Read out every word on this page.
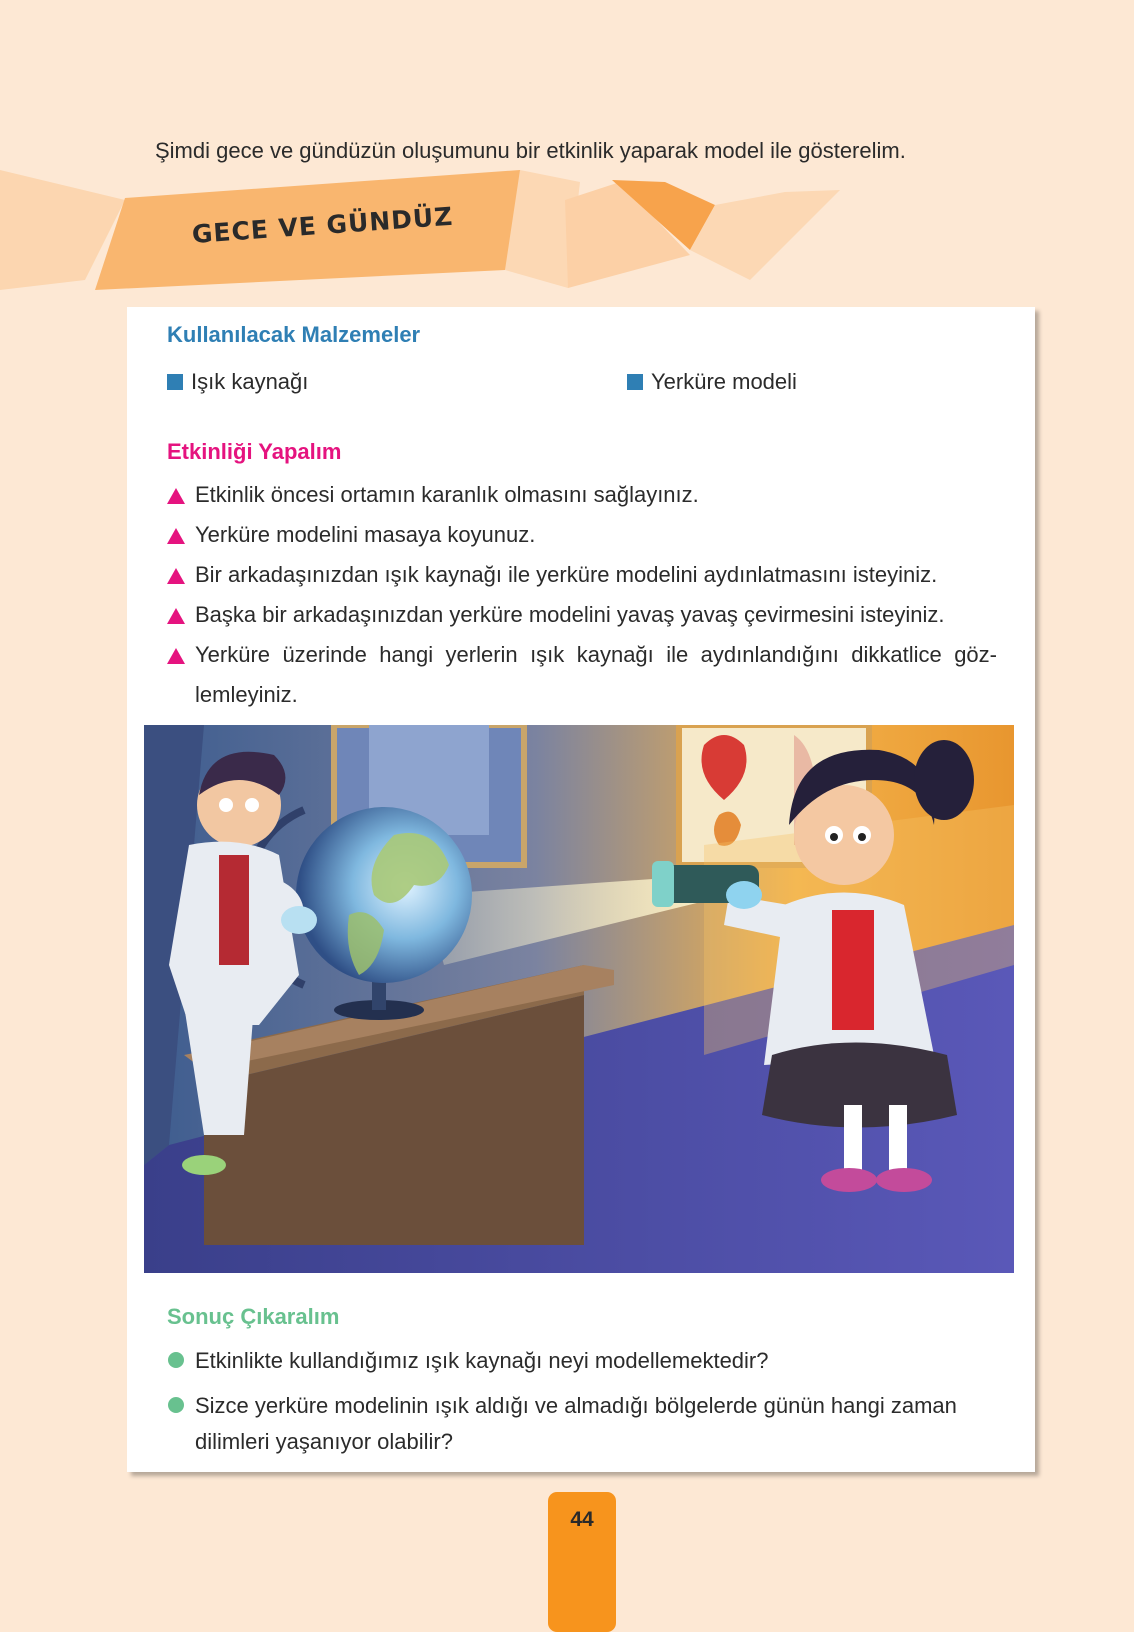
Şimdi gece ve gündüzün oluşumunu bir etkinlik yaparak model ile gösterelim.
GECE VE GÜNDÜZ
Kullanılacak Malzemeler
Işık kaynağı	Yerküre modeli
Etkinliği Yapalım
Etkinlik öncesi ortamın karanlık olmasını sağlayınız.
Yerküre modelini masaya koyunuz.
Bir arkadaşınızdan ışık kaynağı ile yerküre modelini aydınlatmasını isteyiniz.
Başka bir arkadaşınızdan yerküre modelini yavaş yavaş çevirmesini isteyiniz.
Yerküre üzerinde hangi yerlerin ışık kaynağı ile aydınlandığını dikkatlice göz-lemleyiniz.
Sonuç Çıkaralım
Etkinlikte kullandığımız ışık kaynağı neyi modellemektedir?
Sizce yerküre modelinin ışık aldığı ve almadığı bölgelerde günün hangi zaman dilimleri yaşanıyor olabilir?
44
